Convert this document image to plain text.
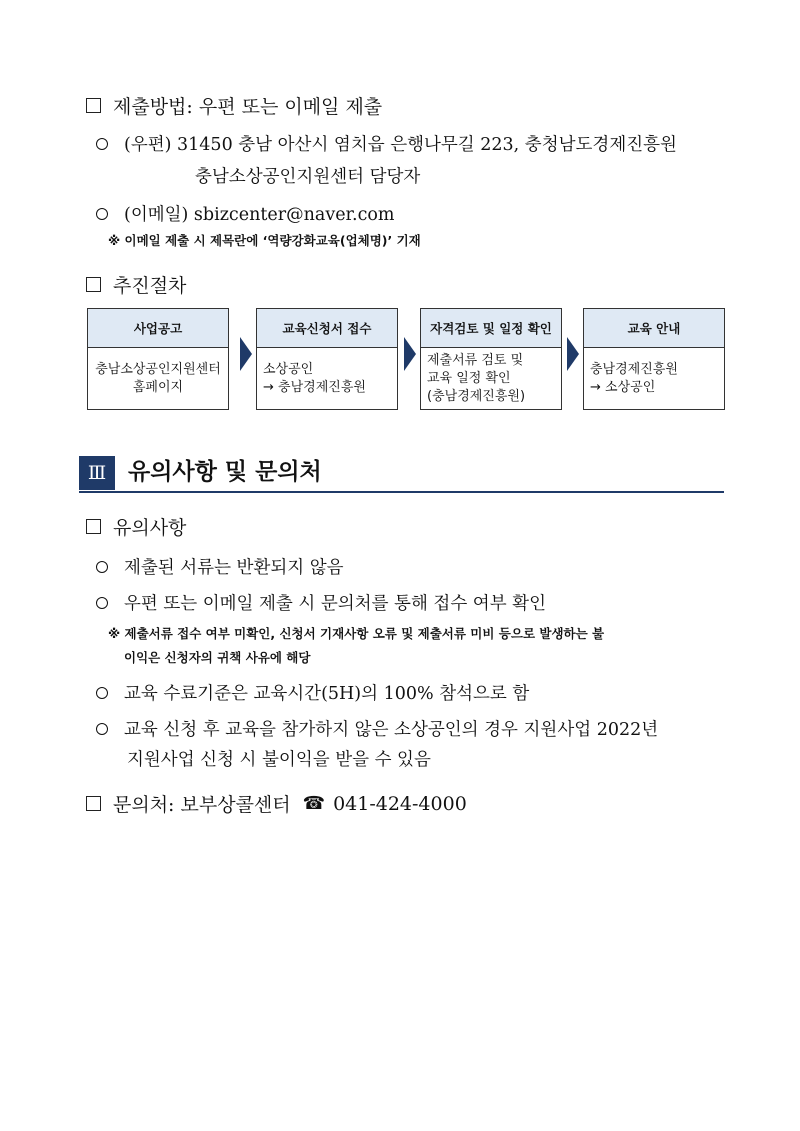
제출방법: 우편 또는 이메일 제출
(우편) 31450 충남 아산시 염치읍 은행나무길 223, 충청남도경제진흥원
충남소상공인지원센터 담당자
(이메일) sbizcenter@naver.com
※ 이메일 제출 시 제목란에 ‘역량강화교육(업체명)’ 기재
추진절차
사업공고
충남소상공인지원센터
홈페이지
교육신청서 접수
소상공인
→ 충남경제진흥원
자격검토 및 일정 확인
제출서류 검토 및
교육 일정 확인
(충남경제진흥원)
교육 안내
충남경제진흥원
→ 소상공인
Ⅲ 유의사항 및 문의처
유의사항
제출된 서류는 반환되지 않음
우편 또는 이메일 제출 시 문의처를 통해 접수 여부 확인
※ 제출서류 접수 여부 미확인, 신청서 기재사항 오류 및 제출서류 미비 등으로 발생하는 불
이익은 신청자의 귀책 사유에 해당
교육 수료기준은 교육시간(5H)의 100% 참석으로 함
교육 신청 후 교육을 참가하지 않은 소상공인의 경우 지원사업 2022년
지원사업 신청 시 불이익을 받을 수 있음
문의처: 보부상콜센터 ☎ 041-424-4000
